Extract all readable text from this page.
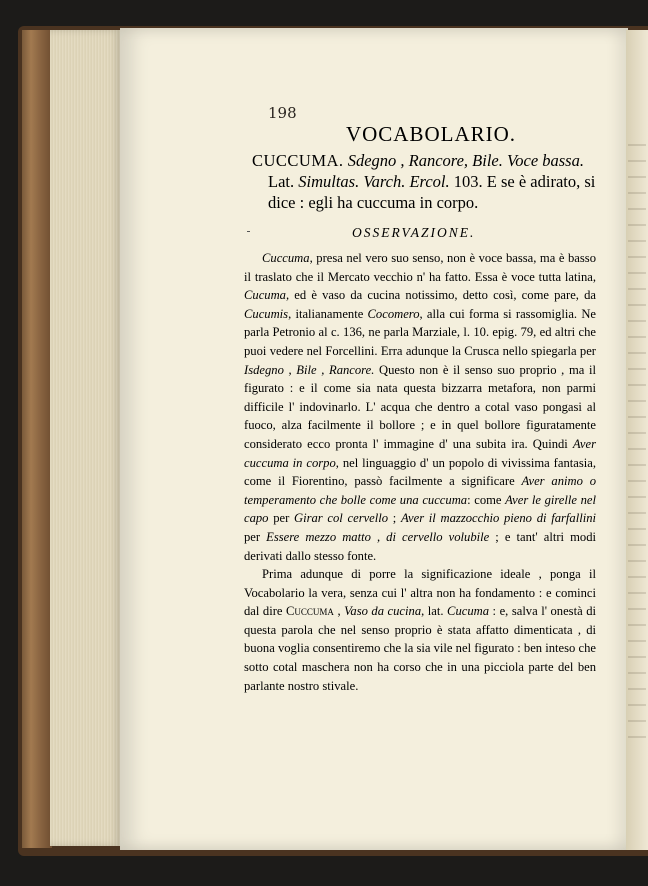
198
VOCABOLARIO.

CUCCUMA. Sdegno , Rancore, Bile. Voce bassa. Lat. Simultas. Varch. Ercol. 103. E se è adirato, si dice : egli ha cuccuma in corpo.

OSSERVAZIONE.

Cuccuma, presa nel vero suo senso, non è voce bassa, ma è basso il traslato che il Mercato vecchio n' ha fatto. Essa è voce tutta latina, Cucuma, ed è vaso da cucina notissimo, detto così, come pare, da Cucumis, italianamente Cocomero, alla cui forma si rassomiglia. Ne parla Petronio al c. 136, ne parla Marziale, l. 10. epig. 79, ed altri che puoi vedere nel Forcellini. Erra adunque la Crusca nello spiegarla per Isdegno , Bile , Rancore. Questo non è il senso suo proprio , ma il figurato : e il come sia nata questa bizzarra metafora, non parmi difficile l' indovinarlo. L' acqua che dentro a cotal vaso pongasi al fuoco, alza facilmente il bollore ; e in quel bollore figuratamente considerato ecco pronta l' immagine d' una subita ira. Quindi Aver cuccuma in corpo, nel linguaggio d' un popolo di vivissima fantasia, come il Fiorentino, passò facilmente a significare Aver animo o temperamento che bolle come una cuccuma: come Aver le girelle nel capo per Girar col cervello ; Aver il mazzocchio pieno di farfallini per Essere mezzo matto , di cervello volubile ; e tant' altri modi derivati dallo stesso fonte.

Prima adunque di porre la significazione ideale , ponga il Vocabolario la vera, senza cui l' altra non ha fondamento : e cominci dal dire Cuccuma , Vaso da cucina, lat. Cucuma : e, salva l' onestà di questa parola che nel senso proprio è stata affatto dimenticata , di buona voglia consentiremo che la sia vile nel figurato : ben inteso che sotto cotal maschera non ha corso che in una picciola parte del ben parlante nostro stivale.
